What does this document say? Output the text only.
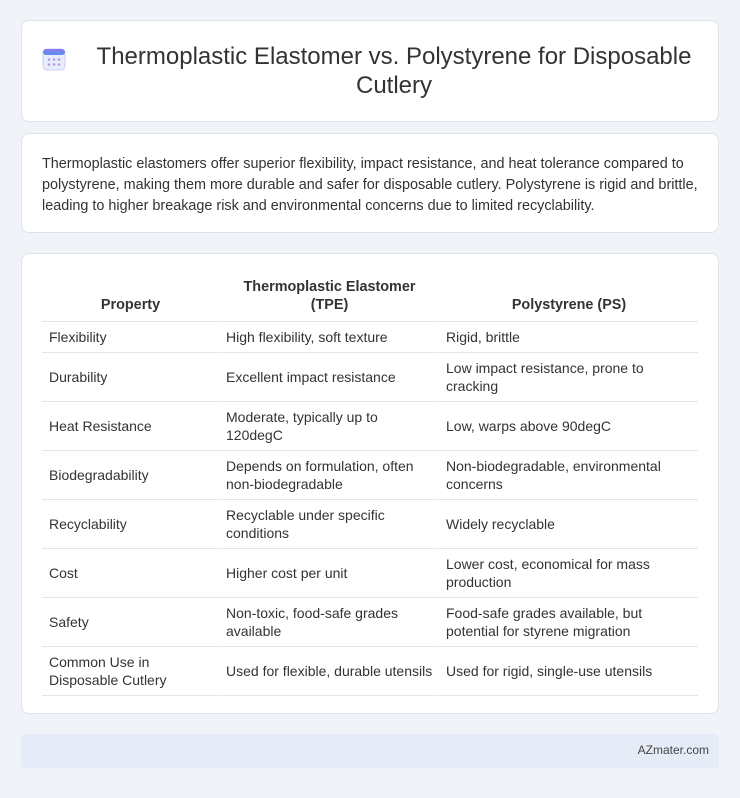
Thermoplastic Elastomer vs. Polystyrene for Disposable Cutlery

Thermoplastic elastomers offer superior flexibility, impact resistance, and heat tolerance compared to polystyrene, making them more durable and safer for disposable cutlery. Polystyrene is rigid and brittle, leading to higher breakage risk and environmental concerns due to limited recyclability.

Property	Thermoplastic Elastomer (TPE)	Polystyrene (PS)
Flexibility	High flexibility, soft texture	Rigid, brittle
Durability	Excellent impact resistance	Low impact resistance, prone to cracking
Heat Resistance	Moderate, typically up to 120degC	Low, warps above 90degC
Biodegradability	Depends on formulation, often non-biodegradable	Non-biodegradable, environmental concerns
Recyclability	Recyclable under specific conditions	Widely recyclable
Cost	Higher cost per unit	Lower cost, economical for mass production
Safety	Non-toxic, food-safe grades available	Food-safe grades available, but potential for styrene migration
Common Use in Disposable Cutlery	Used for flexible, durable utensils	Used for rigid, single-use utensils
AZmater.com
